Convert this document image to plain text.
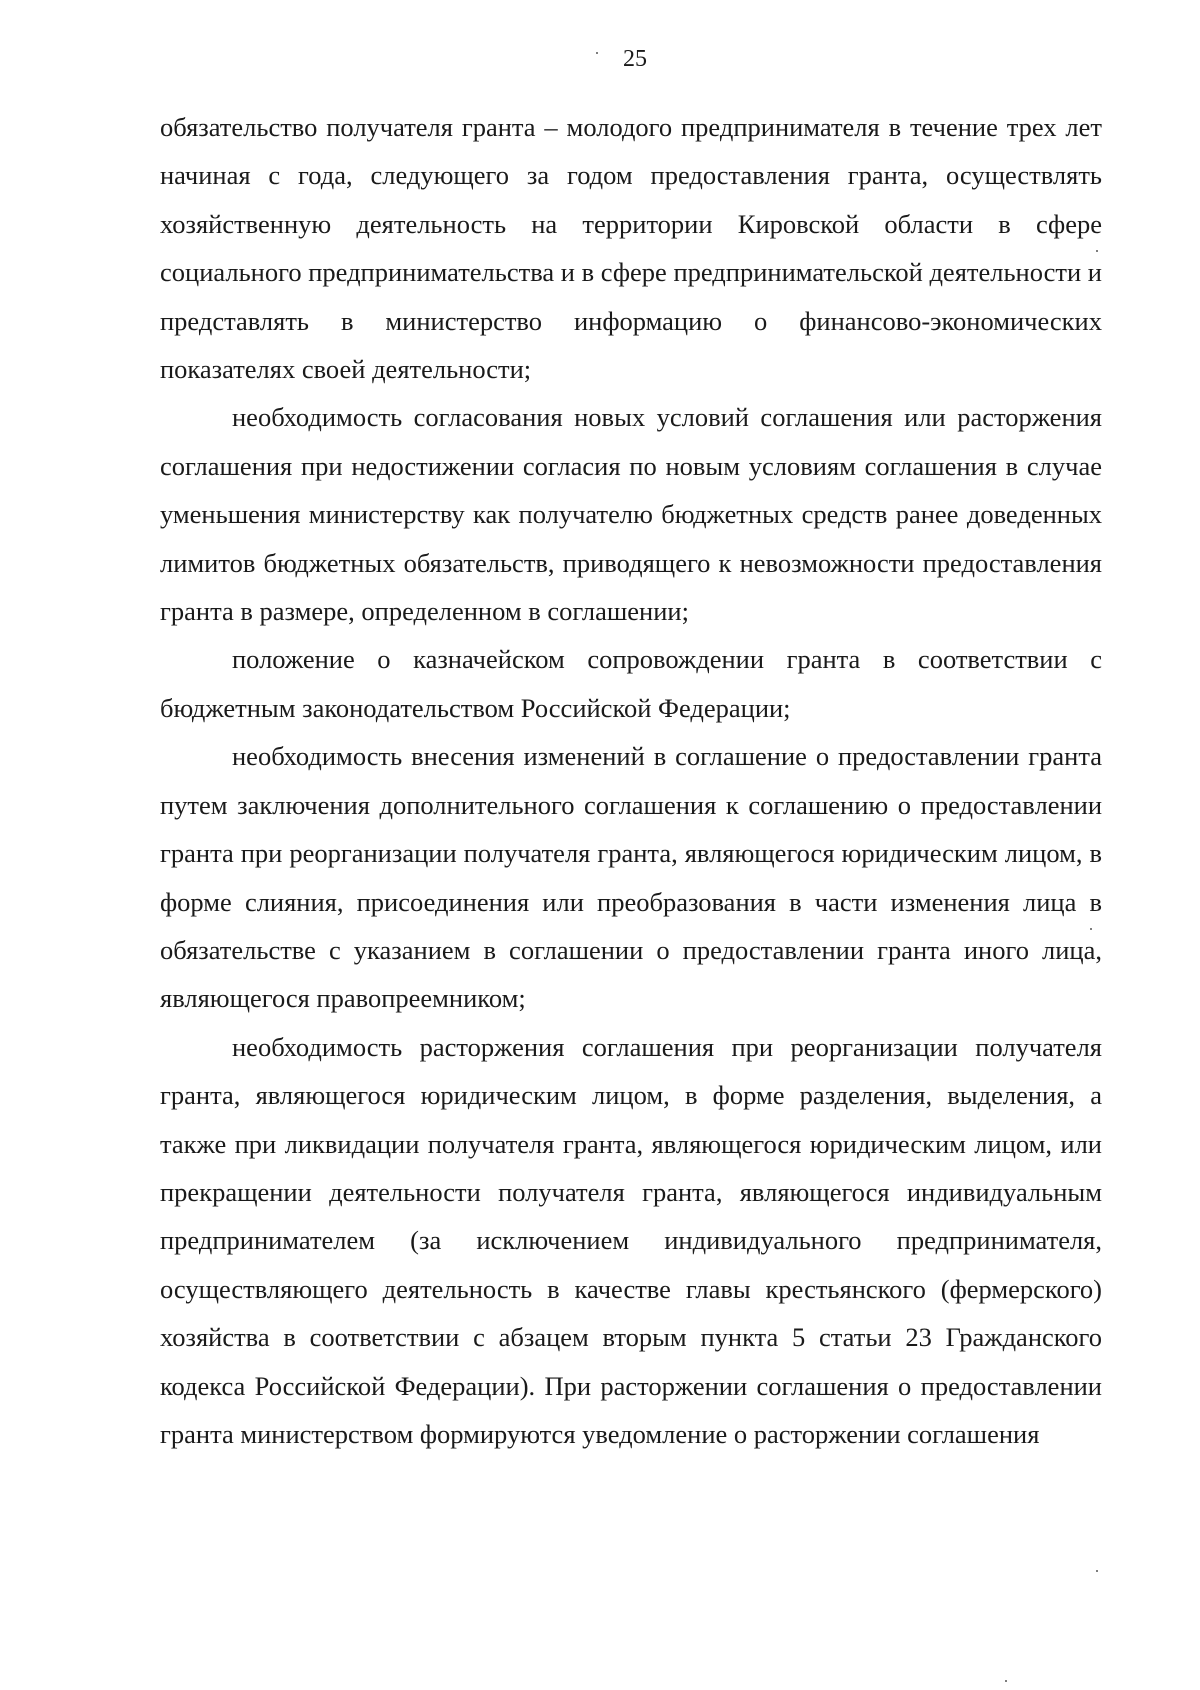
25

обязательство получателя гранта – молодого предпринимателя в течение трех лет начиная с года, следующего за годом предоставления гранта, осуществлять хозяйственную деятельность на территории Кировской области в сфере социального предпринимательства и в сфере предпринимательской деятельности и представлять в министерство информацию о финансово-экономических показателях своей деятельности;

необходимость согласования новых условий соглашения или расторжения соглашения при недостижении согласия по новым условиям соглашения в случае уменьшения министерству как получателю бюджетных средств ранее доведенных лимитов бюджетных обязательств, приводящего к невозможности предоставления гранта в размере, определенном в соглашении;

положение о казначейском сопровождении гранта в соответствии с бюджетным законодательством Российской Федерации;

необходимость внесения изменений в соглашение о предоставлении гранта путем заключения дополнительного соглашения к соглашению о предоставлении гранта при реорганизации получателя гранта, являющегося юридическим лицом, в форме слияния, присоединения или преобразования в части изменения лица в обязательстве с указанием в соглашении о предоставлении гранта иного лица, являющегося правопреемником;

необходимость расторжения соглашения при реорганизации получателя гранта, являющегося юридическим лицом, в форме разделения, выделения, а также при ликвидации получателя гранта, являющегося юридическим лицом, или прекращении деятельности получателя гранта, являющегося индивидуальным предпринимателем (за исключением индивидуального предпринимателя, осуществляющего деятельность в качестве главы крестьянского (фермерского) хозяйства в соответствии с абзацем вторым пункта 5 статьи 23 Гражданского кодекса Российской Федерации). При расторжении соглашения о предоставлении гранта министерством формируются уведомление о расторжении соглашения
